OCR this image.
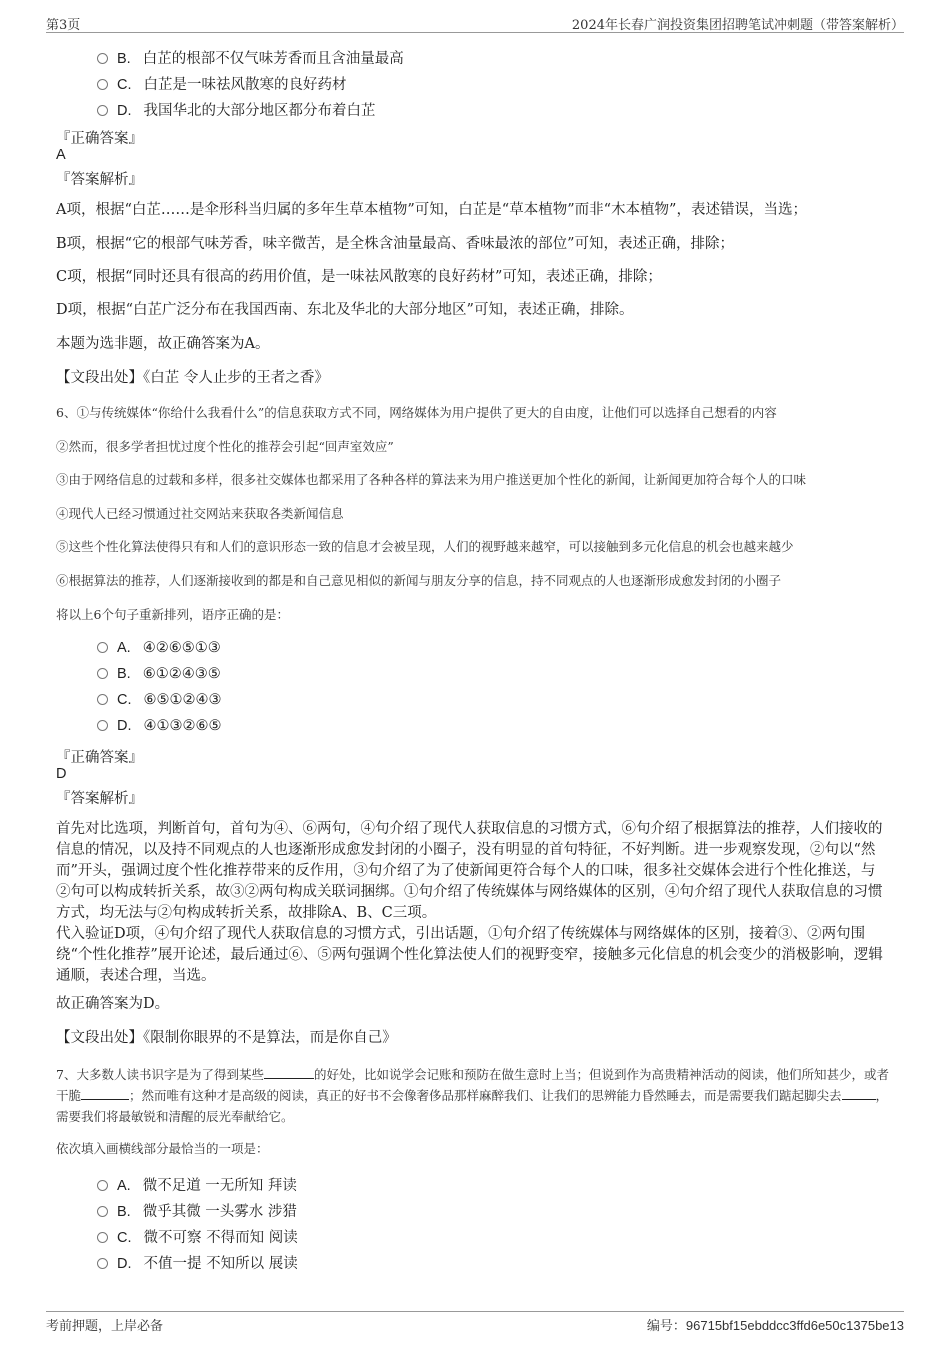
第3页	2024年长春广润投资集团招聘笔试冲刺题（带答案解析）
B. 白芷的根部不仅气味芳香而且含油量最高
C. 白芷是一味祛风散寒的良好药材
D. 我国华北的大部分地区都分布着白芷
『正确答案』
A
『答案解析』
A项，根据“白芷……是伞形科当归属的多年生草本植物”可知，白芷是“草本植物”而非“木本植物”，表述错误，当选；
B项，根据“它的根部气味芳香，味辛微苦，是全株含油量最高、香味最浓的部位”可知，表述正确，排除；
C项，根据“同时还具有很高的药用价值，是一味祛风散寒的良好药材”可知，表述正确，排除；
D项，根据“白芷广泛分布在我国西南、东北及华北的大部分地区”可知，表述正确，排除。
本题为选非题，故正确答案为A。
【文段出处】《白芷 令人止步的王者之香》
6、①与传统媒体“你给什么我看什么”的信息获取方式不同，网络媒体为用户提供了更大的自由度，让他们可以选择自己想看的内容
②然而，很多学者担忧过度个性化的推荐会引起“回声室效应”
③由于网络信息的过载和多样，很多社交媒体也都采用了各种各样的算法来为用户推送更加个性化的新闻，让新闻更加符合每个人的口味
④现代人已经习惯通过社交网站来获取各类新闻信息
⑤这些个性化算法使得只有和人们的意识形态一致的信息才会被呈现，人们的视野越来越窄，可以接触到多元化信息的机会也越来越少
⑥根据算法的推荐，人们逐渐接收到的都是和自己意见相似的新闻与朋友分享的信息，持不同观点的人也逐渐形成愈发封闭的小圈子
将以上6个句子重新排列，语序正确的是：
A. ④②⑥⑤①③
B. ⑥①②④③⑤
C. ⑥⑤①②④③
D. ④①③②⑥⑤
『正确答案』
D
『答案解析』
首先对比选项，判断首句，首句为④、⑥两句，④句介绍了现代人获取信息的习惯方式，⑥句介绍了根据算法的推荐，人们接收的信息的情况，以及持不同观点的人也逐渐形成愈发封闭的小圈子，没有明显的首句特征，不好判断。进一步观察发现，②句以“然而”开头，强调过度个性化推荐带来的反作用，③句介绍了为了使新闻更符合每个人的口味，很多社交媒体会进行个性化推送，与②句可以构成转折关系，故③②两句构成关联词捆绑。①句介绍了传统媒体与网络媒体的区别，④句介绍了现代人获取信息的习惯方式，均无法与②句构成转折关系，故排除A、B、C三项。
代入验证D项，④句介绍了现代人获取信息的习惯方式，引出话题，①句介绍了传统媒体与网络媒体的区别，接着③、②两句围绕“个性化推荐”展开论述，最后通过⑥、⑤两句强调个性化算法使人们的视野变窄，接触多元化信息的机会变少的消极影响，逻辑通顺，表述合理，当选。
故正确答案为D。
【文段出处】《限制你眼界的不是算法，而是你自己》
7、大多数人读书识字是为了得到某些	的好处，比如说学会记账和预防在做生意时上当；但说到作为高贵精神活动的阅读，他们所知甚少，或者干脆	；然而唯有这种才是高级的阅读，真正的好书不会像奢侈品那样麻醉我们、让我们的思辨能力昏然睡去，而是需要我们踮起脚尖去	，需要我们将最敏锐和清醒的辰光奉献给它。
依次填入画横线部分最恰当的一项是：
A. 微不足道 一无所知 拜读
B. 微乎其微 一头雾水 涉猎
C. 微不可察 不得而知 阅读
D. 不值一提 不知所以 展读
考前押题，上岸必备	编号：96715bf15ebddcc3ffd6e50c1375be13
